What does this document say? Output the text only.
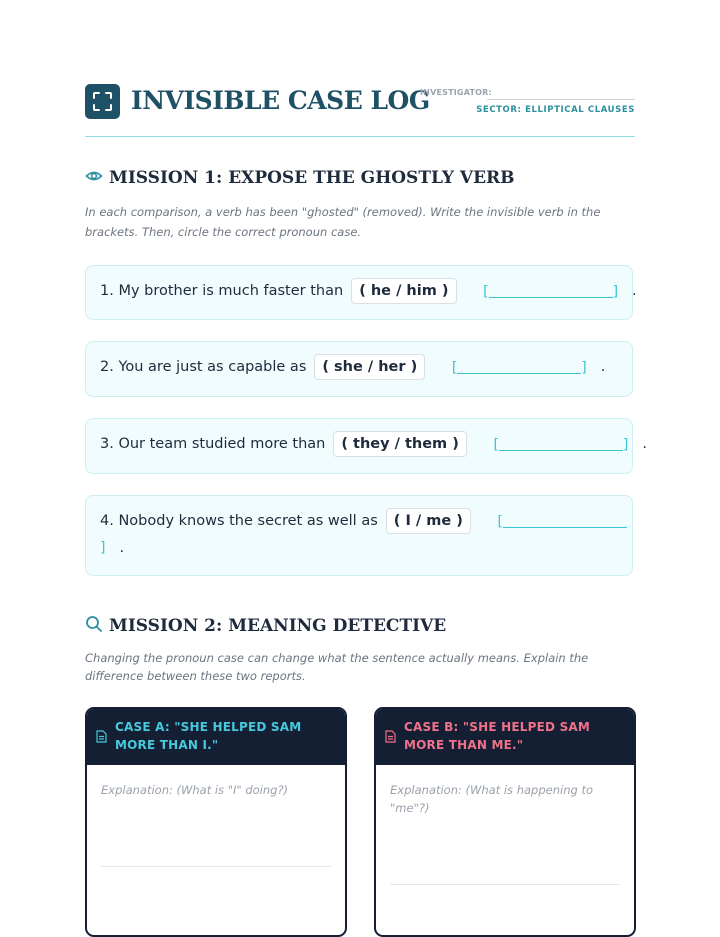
INVISIBLE CASE LOG
INVESTIGATOR:
SECTOR: ELLIPTICAL CLAUSES
MISSION 1: EXPOSE THE GHOSTLY VERB
In each comparison, a verb has been "ghosted" (removed). Write the invisible verb in the brackets. Then, circle the correct pronoun case.
1. My brother is much faster than ( he / him ) [	] .
2. You are just as capable as ( she / her ) [	] .
3. Our team studied more than ( they / them ) [	] .
4. Nobody knows the secret as well as ( I / me ) [
] .
MISSION 2: MEANING DETECTIVE
Changing the pronoun case can change what the sentence actually means. Explain the difference between these two reports.
CASE A: "SHE HELPED SAM MORE THAN I."
Explanation: (What is "I" doing?)
CASE B: "SHE HELPED SAM MORE THAN ME."
Explanation: (What is happening to "me"?)
